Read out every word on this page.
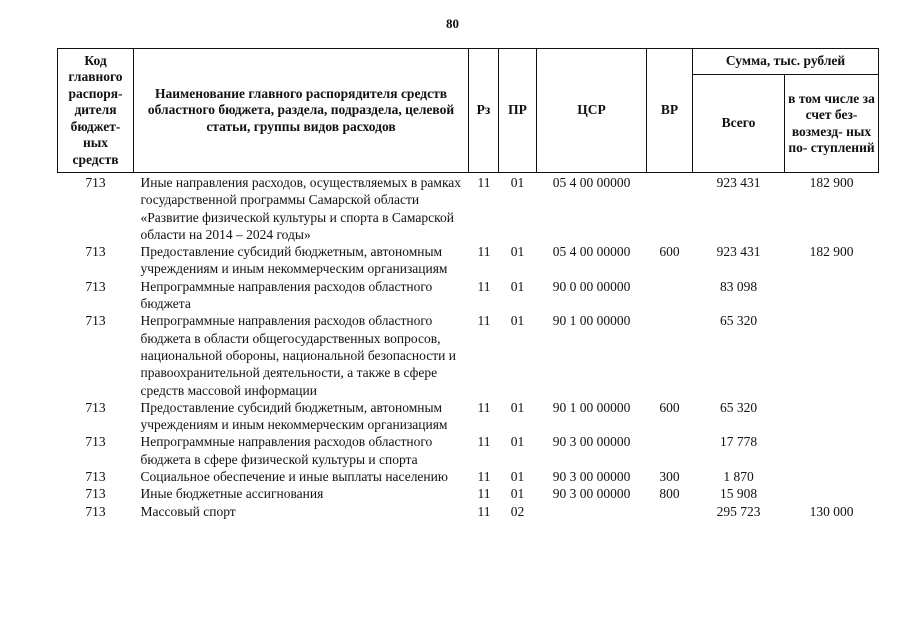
80
Код главного распоря- дителя бюджет- ных средств	Наименование главного распорядителя средств областного бюджета, раздела, подраздела, целевой статьи, группы видов расходов	Рз	ПР	ЦСР	ВР	Сумма, тыс. рублей	
						Всего	в том числе за счет без- возмезд- ных по- ступлений
713	Иные направления расходов, осуществляемых в рамках государственной программы Самарской области «Развитие физической культуры и спорта в Самарской области на 2014 – 2024 годы»	11	01	05 4 00 00000		923 431	182 900
713	Предоставление субсидий бюджетным, автономным учреждениям и иным некоммерческим организациям	11	01	05 4 00 00000	600	923 431	182 900
713	Непрограммные направления расходов областного бюджета	11	01	90 0 00 00000		83 098	
713	Непрограммные направления расходов областного бюджета в области общегосударственных вопросов, национальной обороны, национальной безопасности и правоохранительной деятельности, а также в сфере средств массовой информации	11	01	90 1 00 00000		65 320	
713	Предоставление субсидий бюджетным, автономным учреждениям и иным некоммерческим организациям	11	01	90 1 00 00000	600	65 320	
713	Непрограммные направления расходов областного бюджета в сфере физической культуры и спорта	11	01	90 3 00 00000		17 778	
713	Социальное обеспечение и иные выплаты населению	11	01	90 3 00 00000	300	1 870	
713	Иные бюджетные ассигнования	11	01	90 3 00 00000	800	15 908	
713	Массовый спорт	11	02			295 723	130 000
